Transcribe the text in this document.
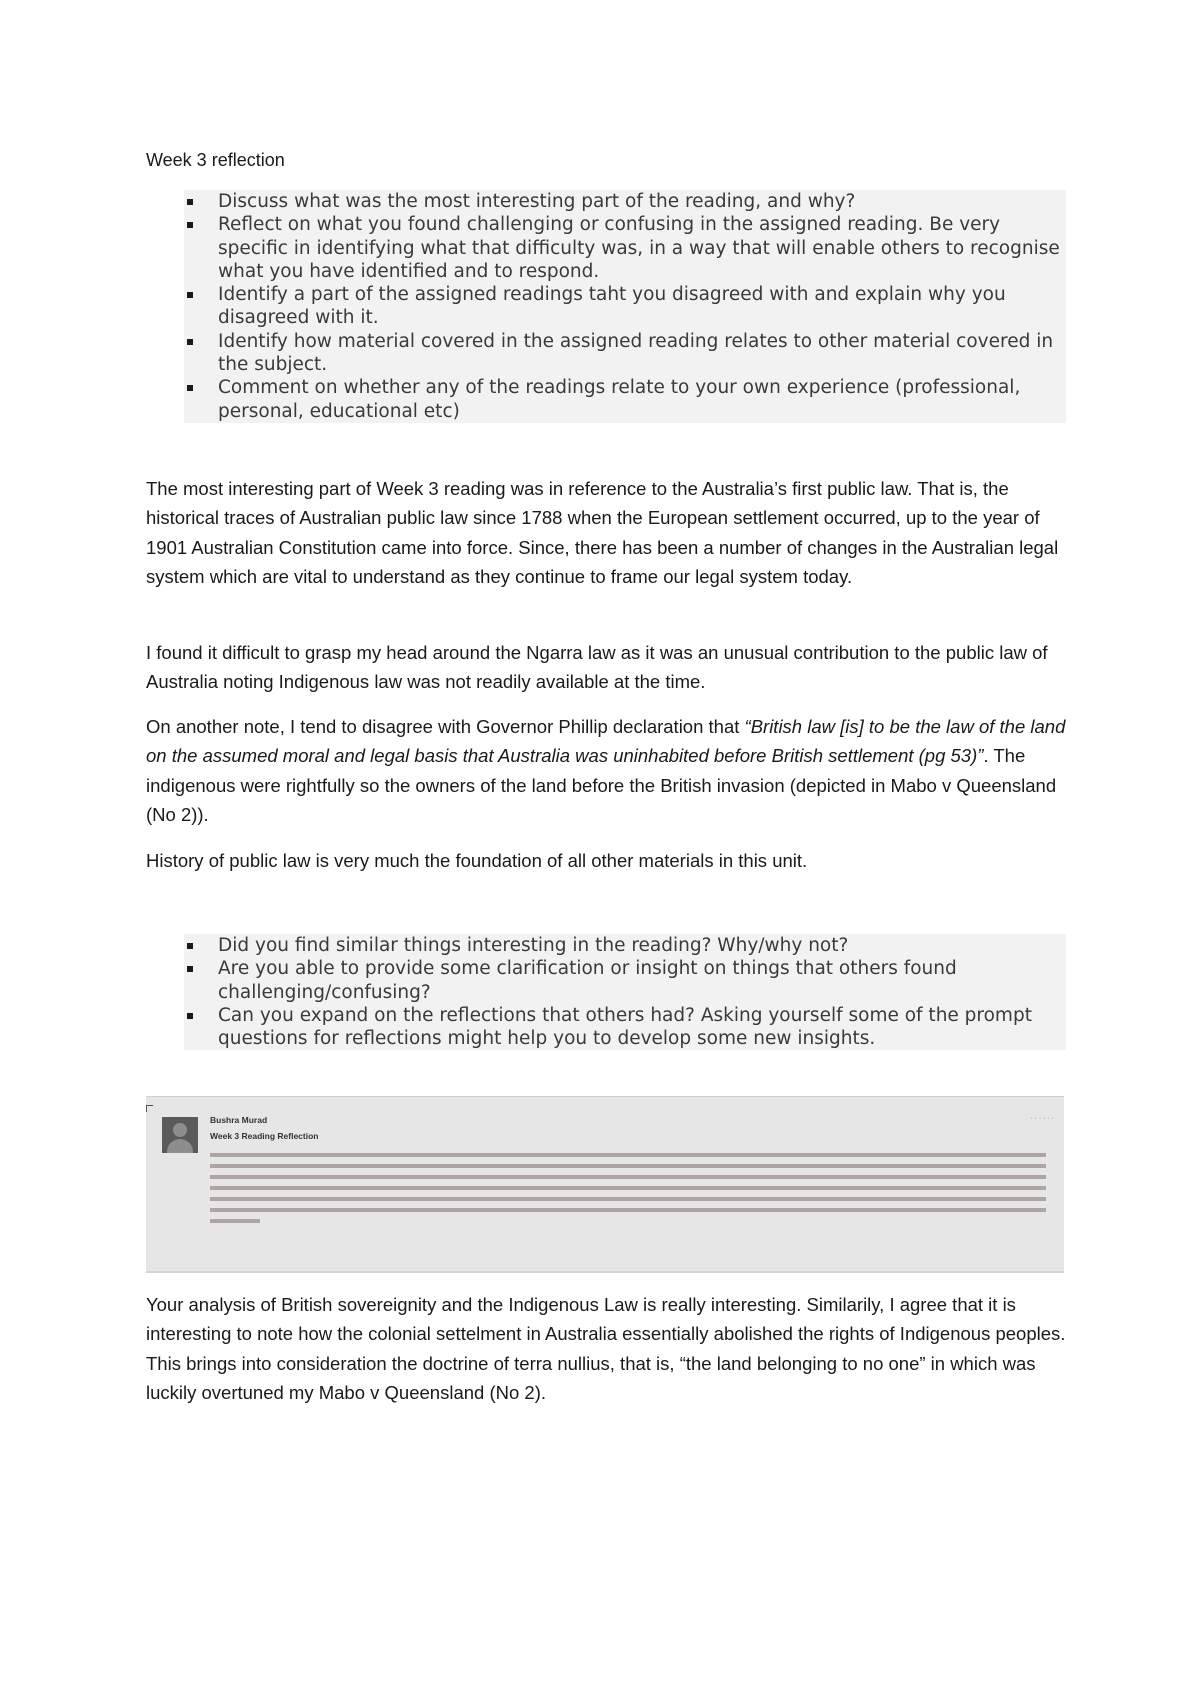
Week 3 reflection

Discuss what was the most interesting part of the reading, and why?
Reflect on what you found challenging or confusing in the assigned reading. Be very specific in identifying what that difficulty was, in a way that will enable others to recognise what you have identified and to respond.
Identify a part of the assigned readings taht you disagreed with and explain why you disagreed with it.
Identify how material covered in the assigned reading relates to other material covered in the subject.
Comment on whether any of the readings relate to your own experience (professional, personal, educational etc)

The most interesting part of Week 3 reading was in reference to the Australia’s first public law. That is, the historical traces of Australian public law since 1788 when the European settlement occurred, up to the year of 1901 Australian Constitution came into force. Since, there has been a number of changes in the Australian legal system which are vital to understand as they continue to frame our legal system today.

I found it difficult to grasp my head around the Ngarra law as it was an unusual contribution to the public law of Australia noting Indigenous law was not readily available at the time.

On another note, I tend to disagree with Governor Phillip declaration that “British law [is] to be the law of the land on the assumed moral and legal basis that Australia was uninhabited before British settlement (pg 53)”. The indigenous were rightfully so the owners of the land before the British invasion (depicted in Mabo v Queensland (No 2)).

History of public law is very much the foundation of all other materials in this unit.

Did you find similar things interesting in the reading? Why/why not?
Are you able to provide some clarification or insight on things that others found challenging/confusing?
Can you expand on the reflections that others had? Asking yourself some of the prompt questions for reflections might help you to develop some new insights.
Bushra Murad
Week 3 Reading Reflection
· · · · · ·

Your analysis of British sovereignity and the Indigenous Law is really interesting. Similarily, I agree that it is interesting to note how the colonial settelment in Australia essentially abolished the rights of Indigenous peoples. This brings into consideration the doctrine of terra nullius, that is, “the land belonging to no one” in which was luckily overtuned my Mabo v Queensland (No 2).
